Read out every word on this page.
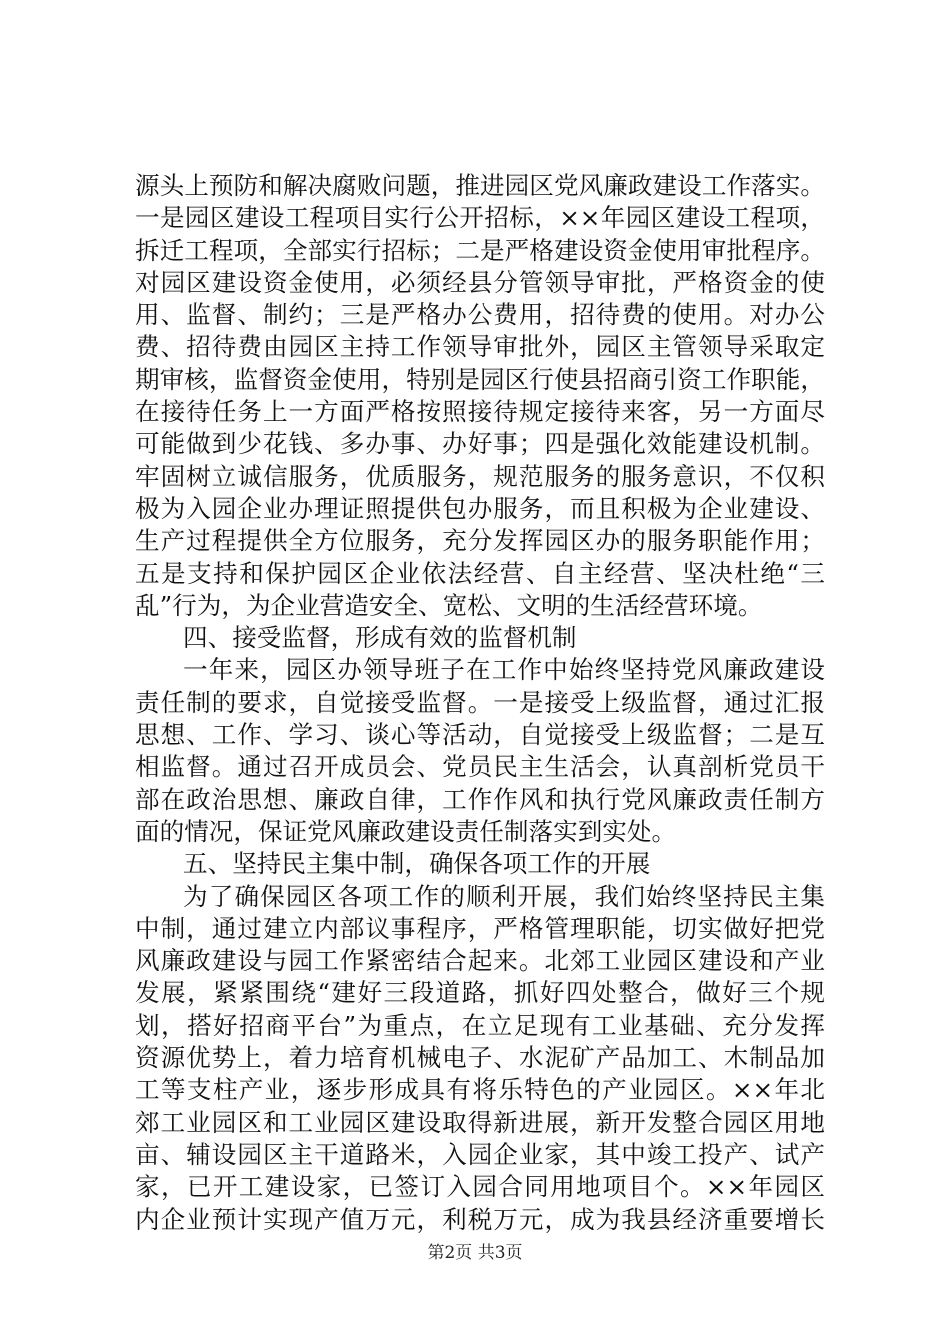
源头上预防和解决腐败问题，推进园区党风廉政建设工作落实。
一是园区建设工程项目实行公开招标，××年园区建设工程项，
拆迁工程项，全部实行招标；二是严格建设资金使用审批程序。
对园区建设资金使用，必须经县分管领导审批，严格资金的使
用、监督、制约；三是严格办公费用，招待费的使用。对办公
费、招待费由园区主持工作领导审批外，园区主管领导采取定
期审核，监督资金使用，特别是园区行使县招商引资工作职能，
在接待任务上一方面严格按照接待规定接待来客，另一方面尽
可能做到少花钱、多办事、办好事；四是强化效能建设机制。
牢固树立诚信服务，优质服务，规范服务的服务意识，不仅积
极为入园企业办理证照提供包办服务，而且积极为企业建设、
生产过程提供全方位服务，充分发挥园区办的服务职能作用；
五是支持和保护园区企业依法经营、自主经营、坚决杜绝“三
乱”行为，为企业营造安全、宽松、文明的生活经营环境。
四、接受监督，形成有效的监督机制
一年来，园区办领导班子在工作中始终坚持党风廉政建设
责任制的要求，自觉接受监督。一是接受上级监督，通过汇报
思想、工作、学习、谈心等活动，自觉接受上级监督；二是互
相监督。通过召开成员会、党员民主生活会，认真剖析党员干
部在政治思想、廉政自律，工作作风和执行党风廉政责任制方
面的情况，保证党风廉政建设责任制落实到实处。
五、坚持民主集中制，确保各项工作的开展
为了确保园区各项工作的顺利开展，我们始终坚持民主集
中制，通过建立内部议事程序，严格管理职能，切实做好把党
风廉政建设与园工作紧密结合起来。北郊工业园区建设和产业
发展，紧紧围绕“建好三段道路，抓好四处整合，做好三个规
划，搭好招商平台”为重点，在立足现有工业基础、充分发挥
资源优势上，着力培育机械电子、水泥矿产品加工、木制品加
工等支柱产业，逐步形成具有将乐特色的产业园区。××年北
郊工业园区和工业园区建设取得新进展，新开发整合园区用地
亩、辅设园区主干道路米，入园企业家，其中竣工投产、试产
家，已开工建设家，已签订入园合同用地项目个。××年园区
内企业预计实现产值万元，利税万元，成为我县经济重要增长
第2页 共3页
